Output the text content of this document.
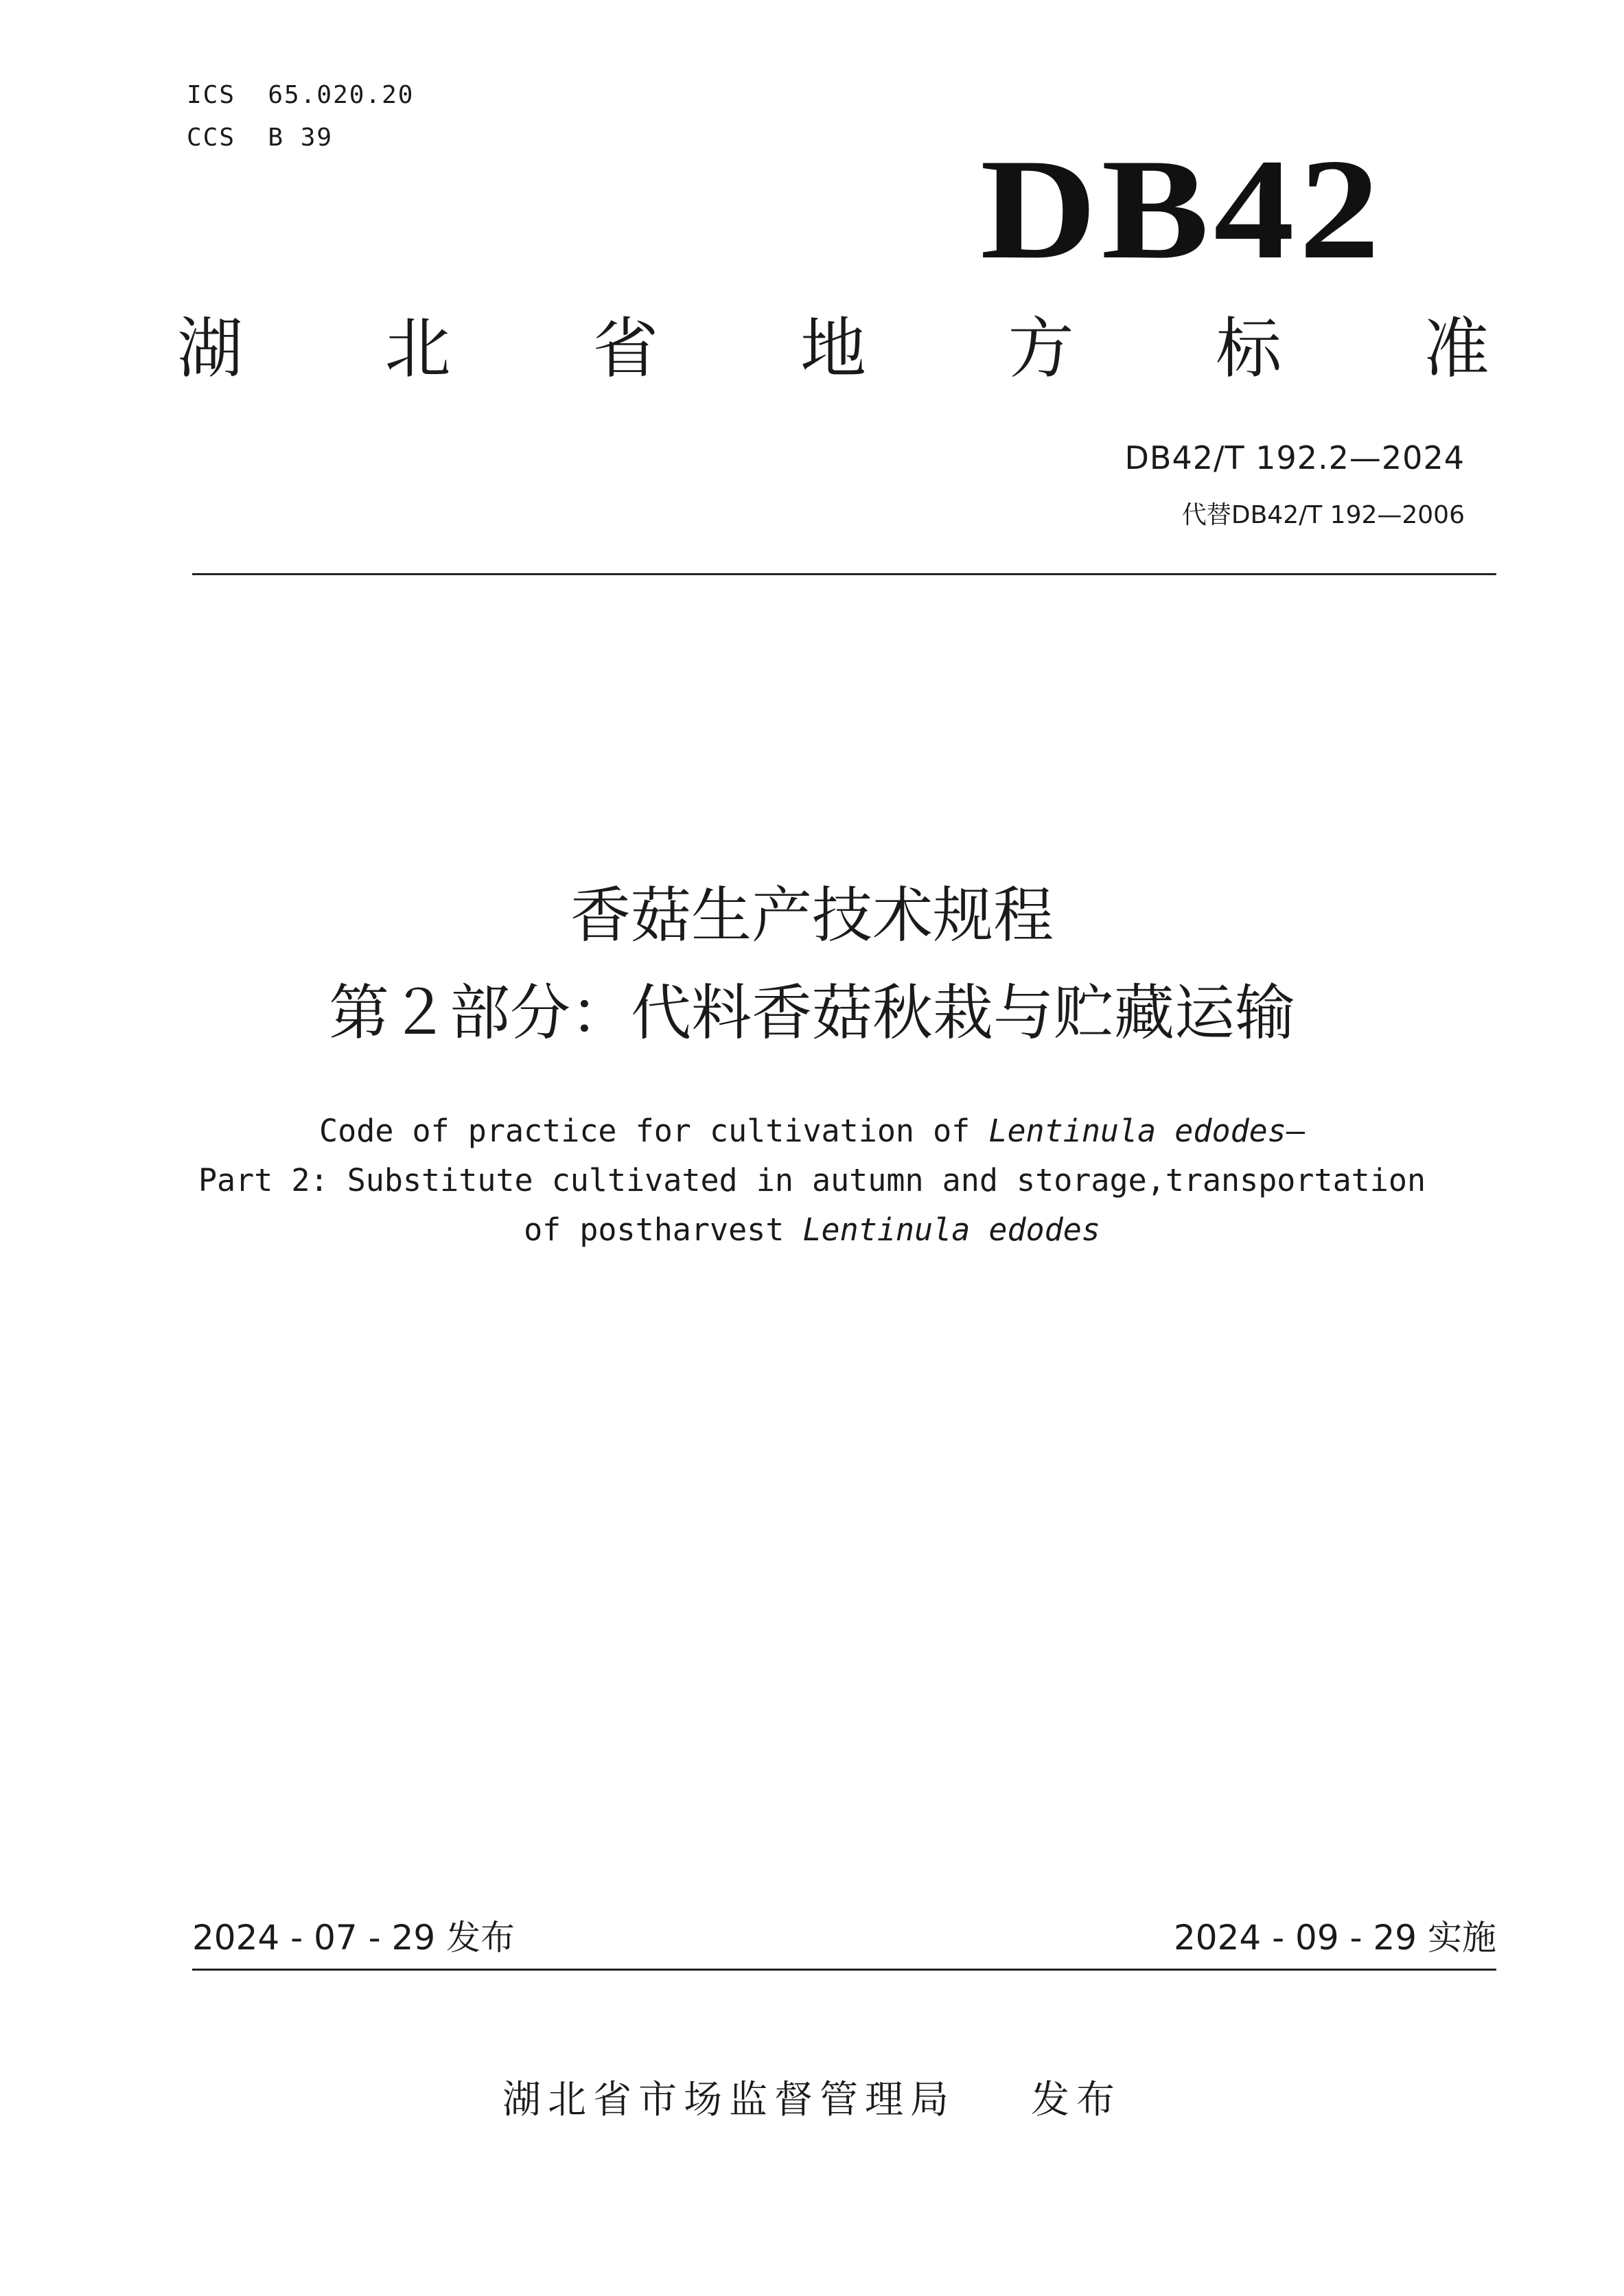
ICS  65.020.20
CCS  B 39	DB42
湖 北 省 地 方 标 准
DB42/T 192.2—2024
代替DB42/T 192—2006
香菇生产技术规程
第２部分：代料香菇秋栽与贮藏运输
Code of practice for cultivation of Lentinula edodes—
Part 2: Substitute cultivated in autumn and storage,transportation
of postharvest Lentinula edodes
2024 - 07 - 29 发布	2024 - 09 - 29 实施
湖北省市场监督管理局 发布
